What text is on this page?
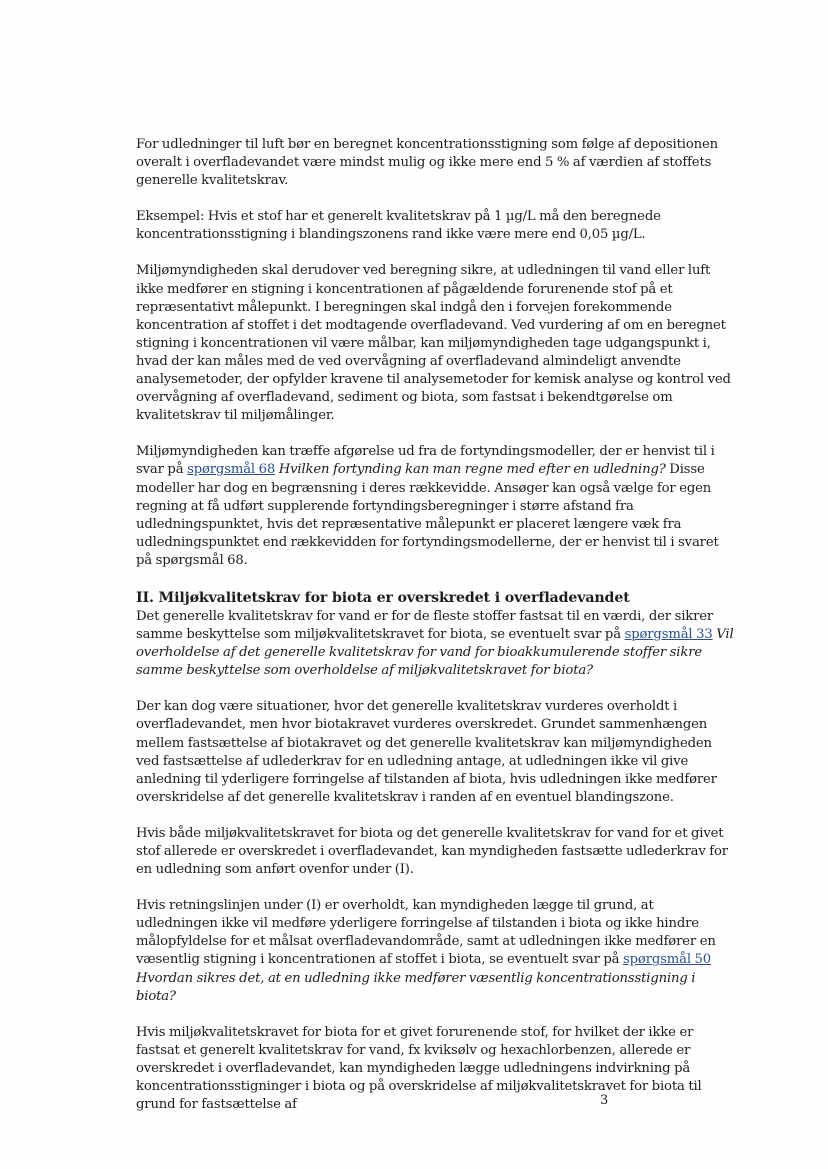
For udledninger til luft bør en beregnet koncentrationsstigning som følge af depositionen overalt i overfladevandet være mindst mulig og ikke mere end 5 % af værdien af stoffets generelle kvalitetskrav.

Eksempel: Hvis et stof har et generelt kvalitetskrav på 1 µg/L må den beregnede koncentrationsstigning i blandingszonens rand ikke være mere end 0,05 µg/L.

Miljømyndigheden skal derudover ved beregning sikre, at udledningen til vand eller luft ikke medfører en stigning i koncentrationen af pågældende forurenende stof på et repræsentativt målepunkt. I beregningen skal indgå den i forvejen forekommende koncentration af stoffet i det modtagende overfladevand. Ved vurdering af om en beregnet stigning i koncentrationen vil være målbar, kan miljømyndigheden tage udgangspunkt i, hvad der kan måles med de ved overvågning af overfladevand almindeligt anvendte analysemetoder, der opfylder kravene til analysemetoder for kemisk analyse og kontrol ved overvågning af overfladevand, sediment og biota, som fastsat i bekendtgørelse om kvalitetskrav til miljømålinger.

Miljømyndigheden kan træffe afgørelse ud fra de fortyndingsmodeller, der er henvist til i svar på spørgsmål 68 Hvilken fortynding kan man regne med efter en udledning? Disse modeller har dog en begrænsning i deres rækkevidde. Ansøger kan også vælge for egen regning at få udført supplerende fortyndingsberegninger i større afstand fra udledningspunktet, hvis det repræsentative målepunkt er placeret længere væk fra udledningspunktet end rækkevidden for fortyndingsmodellerne, der er henvist til i svaret på spørgsmål 68.

II. Miljøkvalitetskrav for biota er overskredet i overfladevandet

Det generelle kvalitetskrav for vand er for de fleste stoffer fastsat til en værdi, der sikrer samme beskyttelse som miljøkvalitetskravet for biota, se eventuelt svar på spørgsmål 33 Vil overholdelse af det generelle kvalitetskrav for vand for bioakkumulerende stoffer sikre samme beskyttelse som overholdelse af miljøkvalitetskravet for biota?

Der kan dog være situationer, hvor det generelle kvalitetskrav vurderes overholdt i overfladevandet, men hvor biotakravet vurderes overskredet. Grundet sammenhængen mellem fastsættelse af biotakravet og det generelle kvalitetskrav kan miljømyndigheden ved fastsættelse af udlederkrav for en udledning antage, at udledningen ikke vil give anledning til yderligere forringelse af tilstanden af biota, hvis udledningen ikke medfører overskridelse af det generelle kvalitetskrav i randen af en eventuel blandingszone.

Hvis både miljøkvalitetskravet for biota og det generelle kvalitetskrav for vand for et givet stof allerede er overskredet i overfladevandet, kan myndigheden fastsætte udlederkrav for en udledning som anført ovenfor under (I).

Hvis retningslinjen under (I) er overholdt, kan myndigheden lægge til grund, at udledningen ikke vil medføre yderligere forringelse af tilstanden i biota og ikke hindre målopfyldelse for et målsat overfladevandområde, samt at udledningen ikke medfører en væsentlig stigning i koncentrationen af stoffet i biota, se eventuelt svar på spørgsmål 50 Hvordan sikres det, at en udledning ikke medfører væsentlig koncentrationsstigning i biota?

Hvis miljøkvalitetskravet for biota for et givet forurenende stof, for hvilket der ikke er fastsat et generelt kvalitetskrav for vand, fx kviksølv og hexachlorbenzen, allerede er overskredet i overfladevandet, kan myndigheden lægge udledningens indvirkning på koncentrationsstigninger i biota og på overskridelse af miljøkvalitetskravet for biota til grund for fastsættelse af	3
